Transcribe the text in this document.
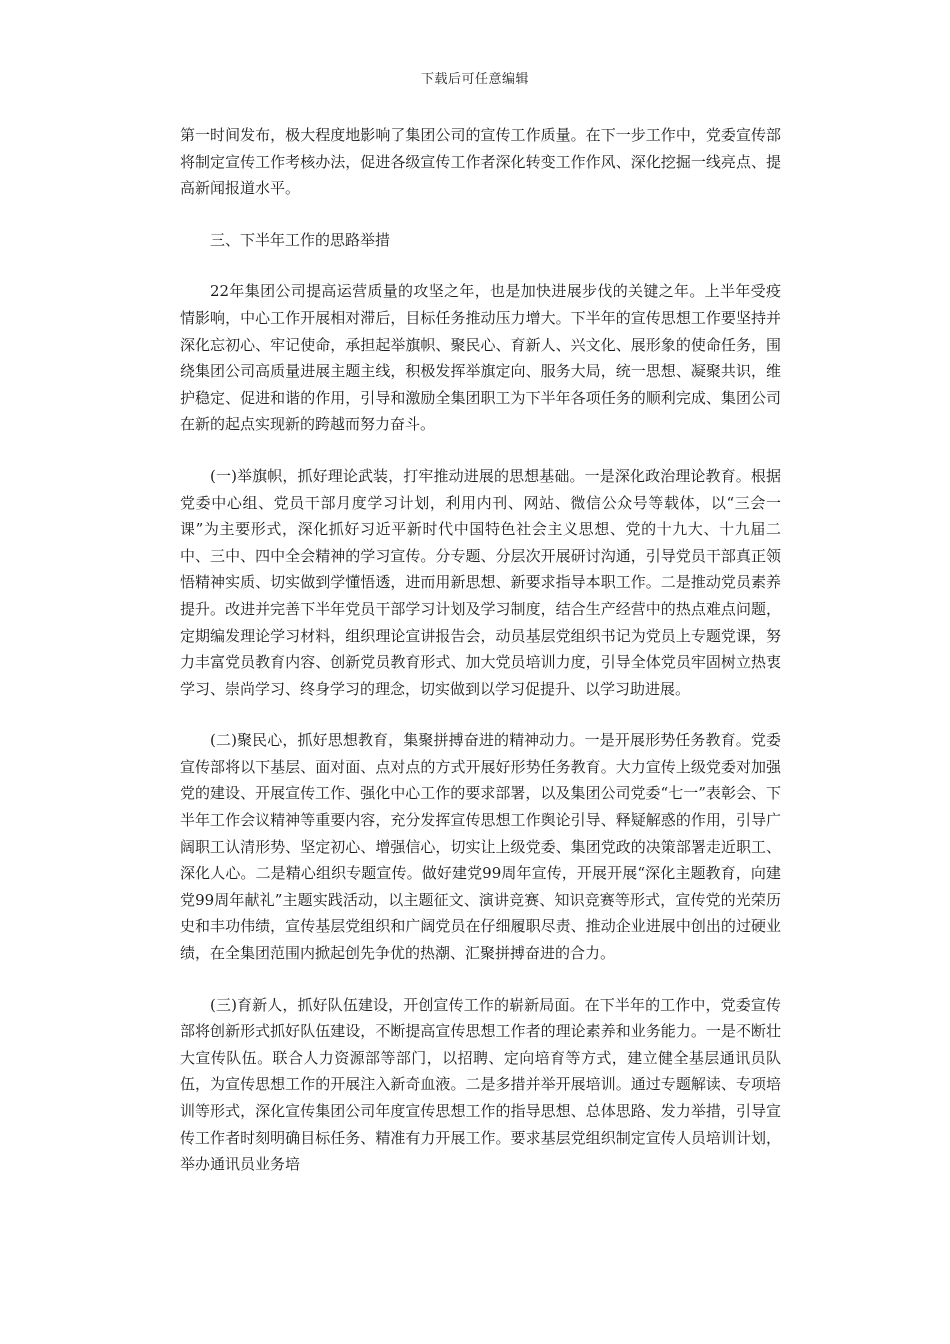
下载后可任意编辑

第一时间发布，极大程度地影响了集团公司的宣传工作质量。在下一步工作中，党委宣传部将制定宣传工作考核办法，促进各级宣传工作者深化转变工作作风、深化挖掘一线亮点、提高新闻报道水平。

三、下半年工作的思路举措

22年集团公司提高运营质量的攻坚之年，也是加快进展步伐的关键之年。上半年受疫情影响，中心工作开展相对滞后，目标任务推动压力增大。下半年的宣传思想工作要坚持并深化忘初心、牢记使命，承担起举旗帜、聚民心、育新人、兴文化、展形象的使命任务，围绕集团公司高质量进展主题主线，积极发挥举旗定向、服务大局，统一思想、凝聚共识，维护稳定、促进和谐的作用，引导和激励全集团职工为下半年各项任务的顺利完成、集团公司在新的起点实现新的跨越而努力奋斗。

(一)举旗帜，抓好理论武装，打牢推动进展的思想基础。一是深化政治理论教育。根据党委中心组、党员干部月度学习计划，利用内刊、网站、微信公众号等载体，以“三会一课”为主要形式，深化抓好习近平新时代中国特色社会主义思想、党的十九大、十九届二中、三中、四中全会精神的学习宣传。分专题、分层次开展研讨沟通，引导党员干部真正领悟精神实质、切实做到学懂悟透，进而用新思想、新要求指导本职工作。二是推动党员素养提升。改进并完善下半年党员干部学习计划及学习制度，结合生产经营中的热点难点问题，定期编发理论学习材料，组织理论宣讲报告会，动员基层党组织书记为党员上专题党课，努力丰富党员教育内容、创新党员教育形式、加大党员培训力度，引导全体党员牢固树立热衷学习、崇尚学习、终身学习的理念，切实做到以学习促提升、以学习助进展。

(二)聚民心，抓好思想教育，集聚拼搏奋进的精神动力。一是开展形势任务教育。党委宣传部将以下基层、面对面、点对点的方式开展好形势任务教育。大力宣传上级党委对加强党的建设、开展宣传工作、强化中心工作的要求部署，以及集团公司党委“七一”表彰会、下半年工作会议精神等重要内容，充分发挥宣传思想工作舆论引导、释疑解惑的作用，引导广阔职工认清形势、坚定初心、增强信心，切实让上级党委、集团党政的决策部署走近职工、深化人心。二是精心组织专题宣传。做好建党99周年宣传，开展开展“深化主题教育，向建党99周年献礼”主题实践活动，以主题征文、演讲竞赛、知识竞赛等形式，宣传党的光荣历史和丰功伟绩，宣传基层党组织和广阔党员在仔细履职尽责、推动企业进展中创出的过硬业绩，在全集团范围内掀起创先争优的热潮、汇聚拼搏奋进的合力。

(三)育新人，抓好队伍建设，开创宣传工作的崭新局面。在下半年的工作中，党委宣传部将创新形式抓好队伍建设，不断提高宣传思想工作者的理论素养和业务能力。一是不断壮大宣传队伍。联合人力资源部等部门，以招聘、定向培育等方式，建立健全基层通讯员队伍，为宣传思想工作的开展注入新奇血液。二是多措并举开展培训。通过专题解读、专项培训等形式，深化宣传集团公司年度宣传思想工作的指导思想、总体思路、发力举措，引导宣传工作者时刻明确目标任务、精准有力开展工作。要求基层党组织制定宣传人员培训计划，举办通讯员业务培
